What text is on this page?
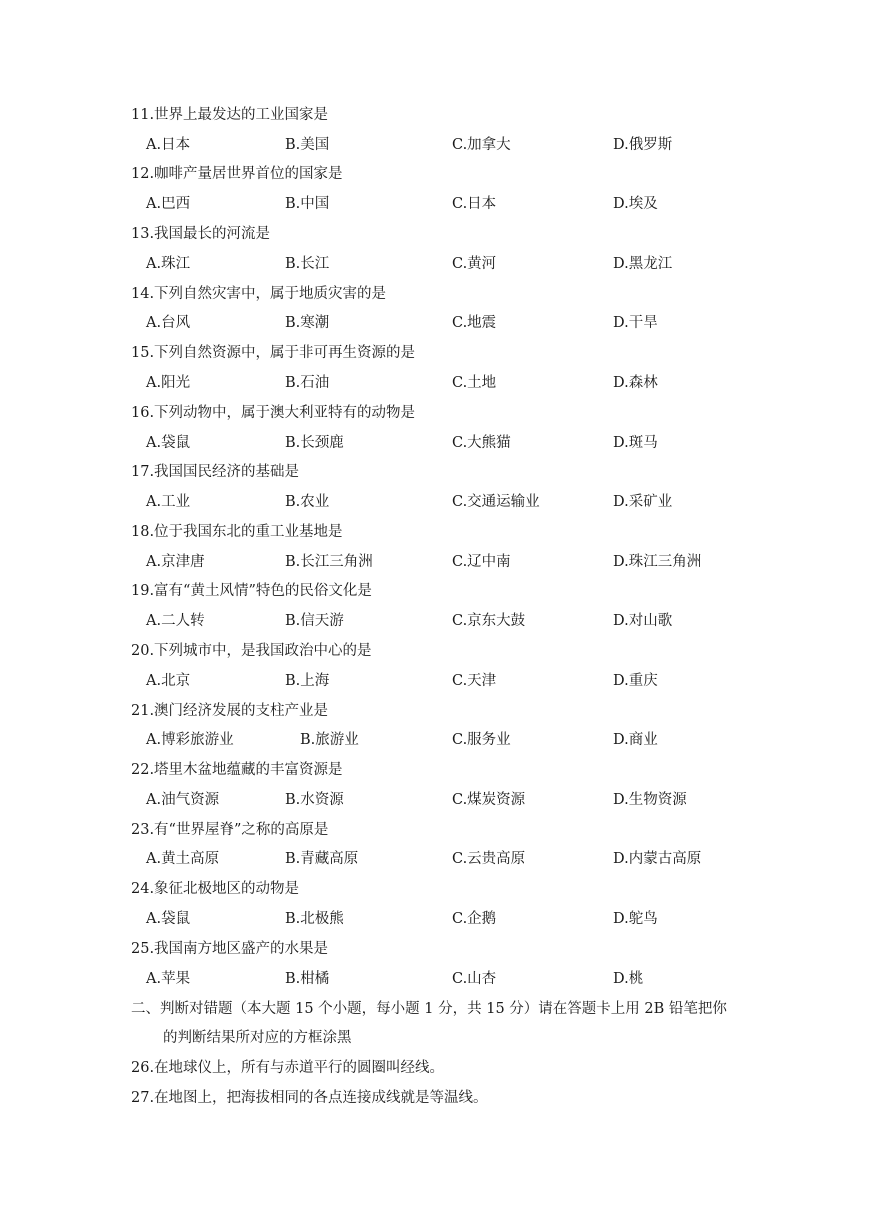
11.世界上最发达的工业国家是
A.日本	B.美国	C.加拿大	D.俄罗斯
12.咖啡产量居世界首位的国家是
A.巴西	B.中国	C.日本	D.埃及
13.我国最长的河流是
A.珠江	B.长江	C.黄河	D.黑龙江
14.下列自然灾害中，属于地质灾害的是
A.台风	B.寒潮	C.地震	D.干旱
15.下列自然资源中，属于非可再生资源的是
A.阳光	B.石油	C.土地	D.森林
16.下列动物中，属于澳大利亚特有的动物是
A.袋鼠	B.长颈鹿	C.大熊猫	D.斑马
17.我国国民经济的基础是
A.工业	B.农业	C.交通运输业	D.采矿业
18.位于我国东北的重工业基地是
A.京津唐	B.长江三角洲	C.辽中南	D.珠江三角洲
19.富有“黄土风情”特色的民俗文化是
A.二人转	B.信天游	C.京东大鼓	D.对山歌
20.下列城市中，是我国政治中心的是
A.北京	B.上海	C.天津	D.重庆
21.澳门经济发展的支柱产业是
A.博彩旅游业	B.旅游业	C.服务业	D.商业
22.塔里木盆地蕴藏的丰富资源是
A.油气资源	B.水资源	C.煤炭资源	D.生物资源
23.有“世界屋脊”之称的高原是
A.黄土高原	B.青藏高原	C.云贵高原	D.内蒙古高原
24.象征北极地区的动物是
A.袋鼠	B.北极熊	C.企鹅	D.鸵鸟
25.我国南方地区盛产的水果是
A.苹果	B.柑橘	C.山杏	D.桃
二、判断对错题（本大题 15 个小题，每小题 1 分，共 15 分）请在答题卡上用 2B 铅笔把你
的判断结果所对应的方框涂黑
26.在地球仪上，所有与赤道平行的圆圈叫经线。
27.在地图上，把海拔相同的各点连接成线就是等温线。
